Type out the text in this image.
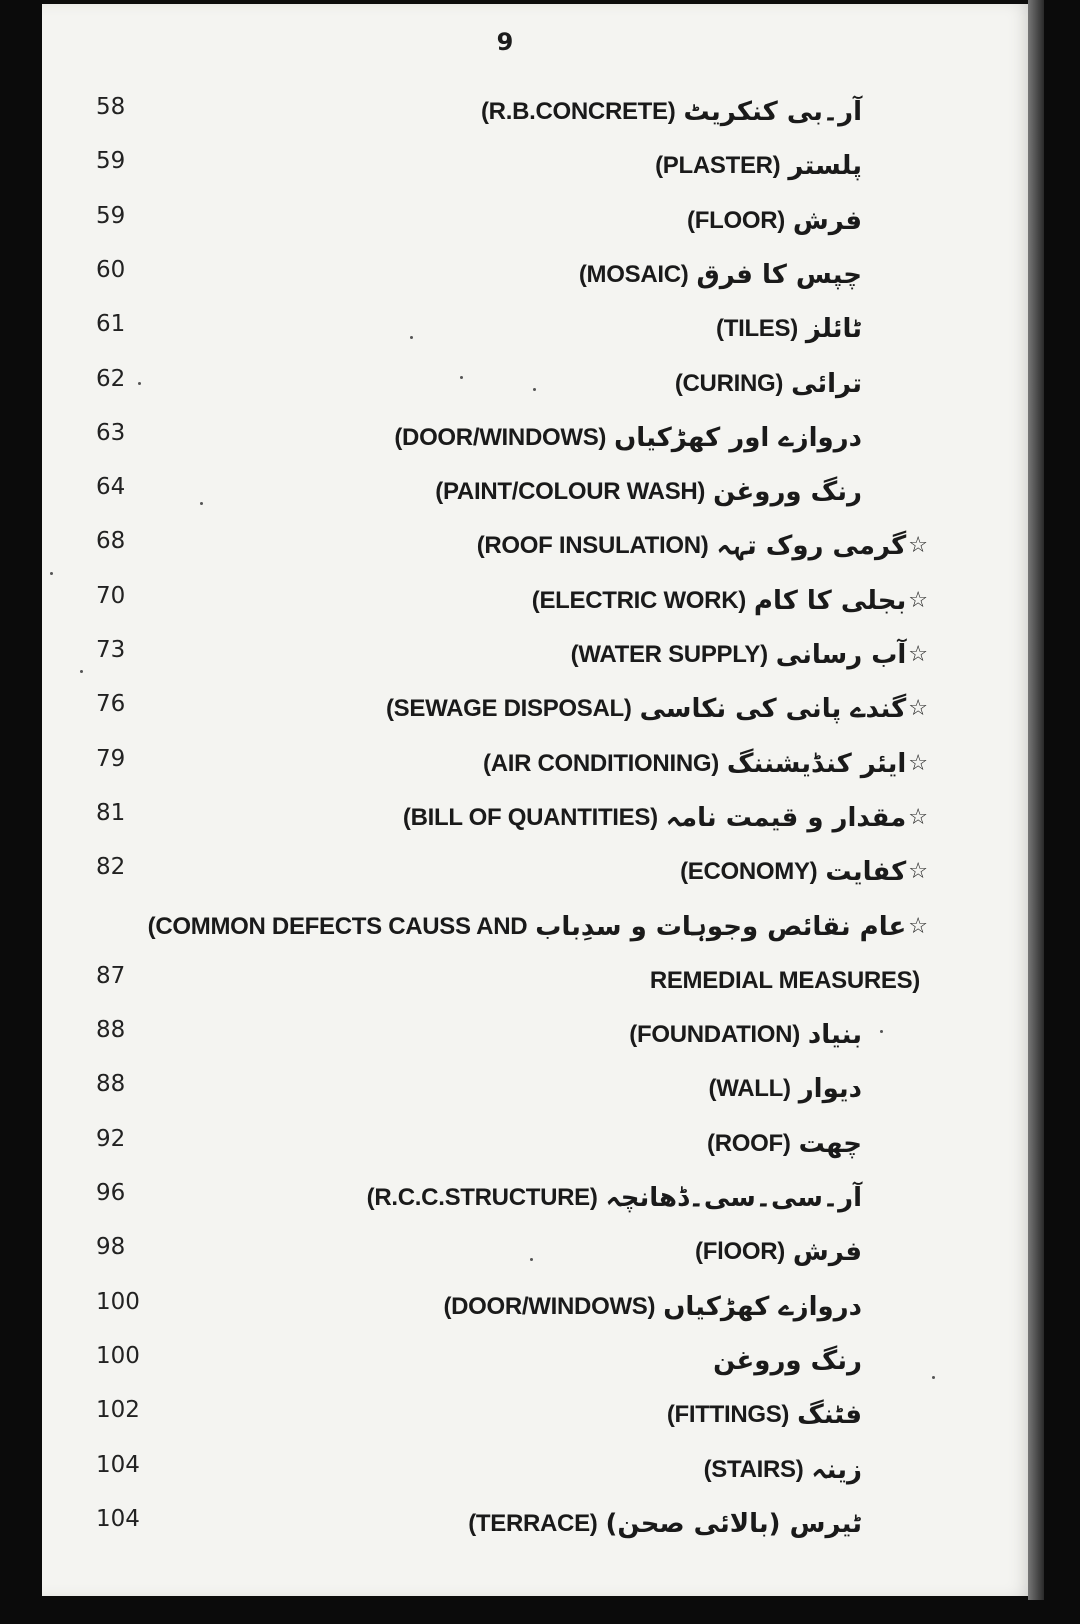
9
58	(R.B.CONCRETE) آر۔بی کنکریٹ
59	(PLASTER) پلستر
59	(FLOOR) فرش
60	(MOSAIC) چپس کا فرق
61	(TILES) ٹائلز
62	(CURING) ترائی
63	(DOOR/WINDOWS) دروازے اور کھڑکیاں
64	(PAINT/COLOUR WASH) رنگ وروغن
68	(ROOF INSULATION) گرمی روک تہہ ☆
70	(ELECTRIC WORK) بجلی کا کام ☆
73	(WATER SUPPLY) آب رسانی ☆
76	(SEWAGE DISPOSAL) گندے پانی کی نکاسی ☆
79	(AIR CONDITIONING) ایئر کنڈیشننگ ☆
81	(BILL OF QUANTITIES) مقدار و قیمت نامہ ☆
82	(ECONOMY) کفایت ☆
(COMMON DEFECTS CAUSS AND عام نقائص وجوہات و سدِباب ☆
87	REMEDIAL MEASURES)
88	(FOUNDATION) بنیاد
88	(WALL) دیوار
92	(ROOF) چھت
96	(R.C.C.STRUCTURE) آر۔سی۔سی۔ڈھانچہ
98	(FlOOR) فرش
100	(DOOR/WINDOWS) دروازے کھڑکیاں
100	رنگ وروغن
102	(FITTINGS) فٹنگ
104	(STAIRS) زینہ
104	(TERRACE) ٹیرس (بالائی صحن)
